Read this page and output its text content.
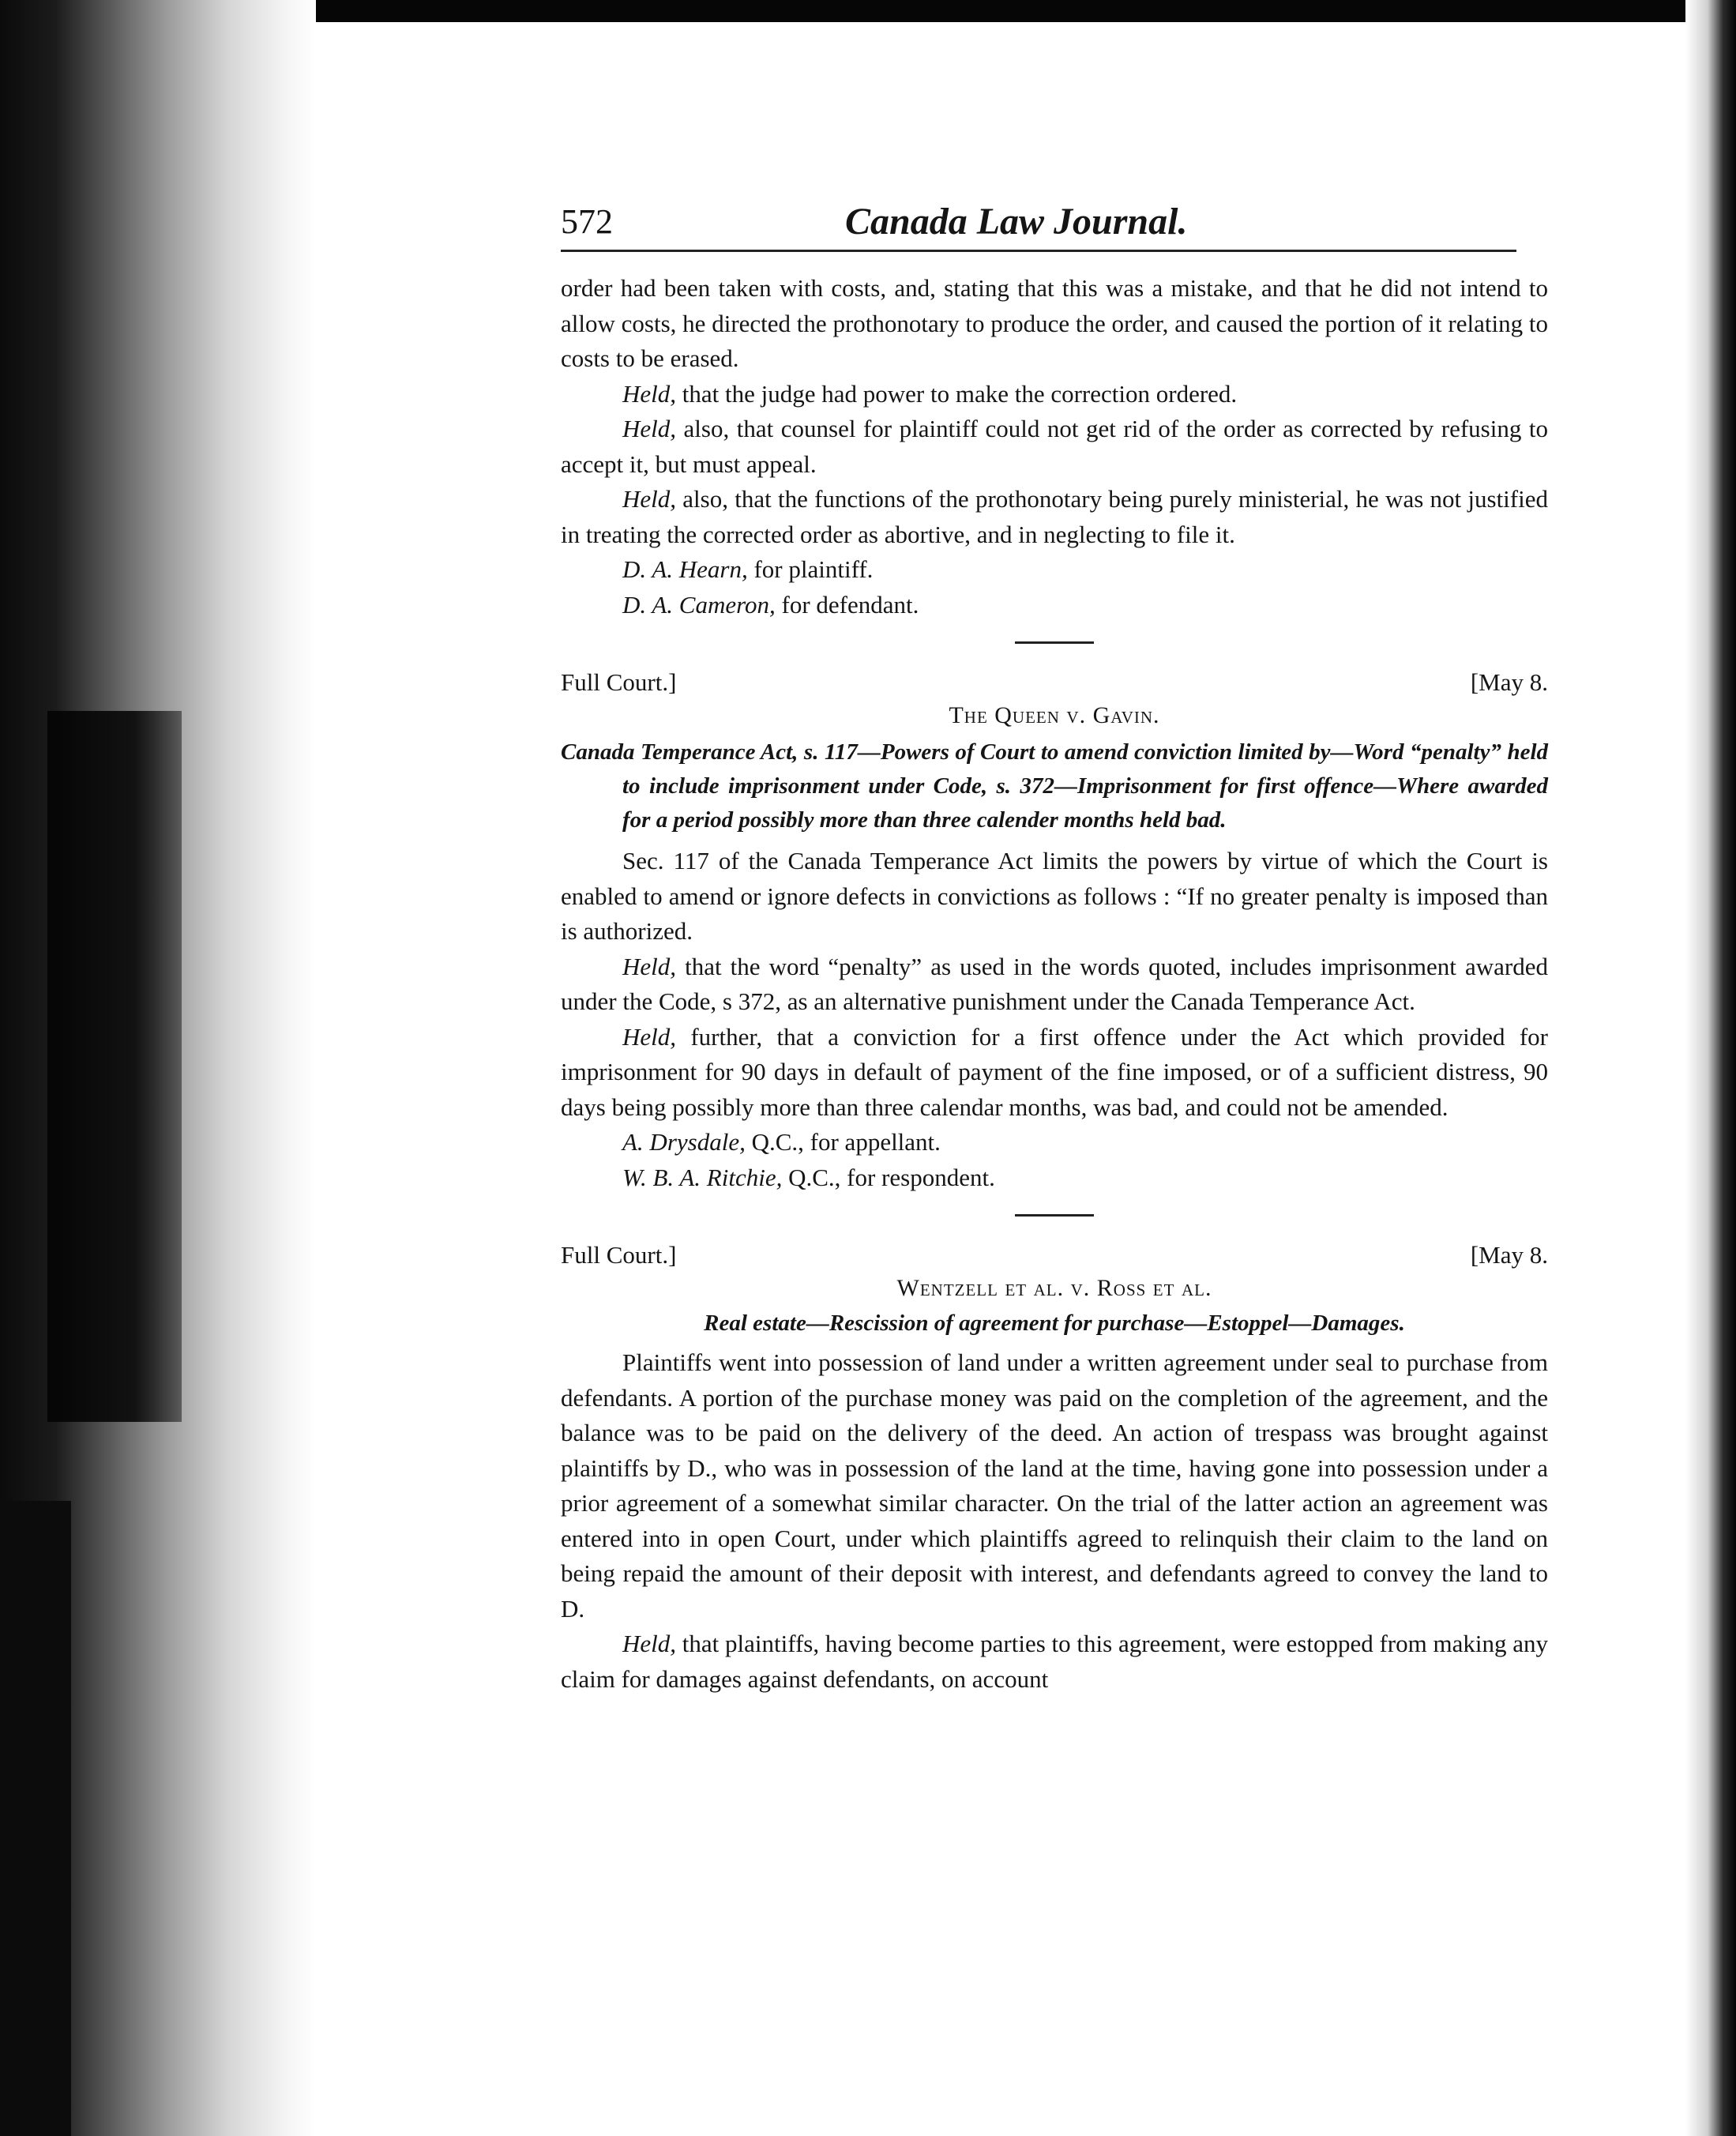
572	Canada Law Journal.

order had been taken with costs, and, stating that this was a mistake, and that he did not intend to allow costs, he directed the prothonotary to produce the order, and caused the portion of it relating to costs to be erased.

Held, that the judge had power to make the correction ordered.

Held, also, that counsel for plaintiff could not get rid of the order as corrected by refusing to accept it, but must appeal.

Held, also, that the functions of the prothonotary being purely ministerial, he was not justified in treating the corrected order as abortive, and in neglecting to file it.

D. A. Hearn, for plaintiff.

D. A. Cameron, for defendant.

Full Court.]	[May 8.
The Queen v. Gavin.
Canada Temperance Act, s. 117—Powers of Court to amend conviction limited by—Word “penalty” held to include imprisonment under Code, s. 372—Imprisonment for first offence—Where awarded for a period possibly more than three calender months held bad.

Sec. 117 of the Canada Temperance Act limits the powers by virtue of which the Court is enabled to amend or ignore defects in convictions as follows : “If no greater penalty is imposed than is authorized.

Held, that the word “penalty” as used in the words quoted, includes imprisonment awarded under the Code, s 372, as an alternative punishment under the Canada Temperance Act.

Held, further, that a conviction for a first offence under the Act which provided for imprisonment for 90 days in default of payment of the fine imposed, or of a sufficient distress, 90 days being possibly more than three calendar months, was bad, and could not be amended.

A. Drysdale, Q.C., for appellant.

W. B. A. Ritchie, Q.C., for respondent.

Full Court.]	[May 8.
Wentzell et al. v. Ross et al.
Real estate—Rescission of agreement for purchase—Estoppel—Damages.

Plaintiffs went into possession of land under a written agreement under seal to purchase from defendants. A portion of the purchase money was paid on the completion of the agreement, and the balance was to be paid on the delivery of the deed. An action of trespass was brought against plaintiffs by D., who was in possession of the land at the time, having gone into possession under a prior agreement of a somewhat similar character. On the trial of the latter action an agreement was entered into in open Court, under which plaintiffs agreed to relinquish their claim to the land on being repaid the amount of their deposit with interest, and defendants agreed to convey the land to D.

Held, that plaintiffs, having become parties to this agreement, were estopped from making any claim for damages against defendants, on account
